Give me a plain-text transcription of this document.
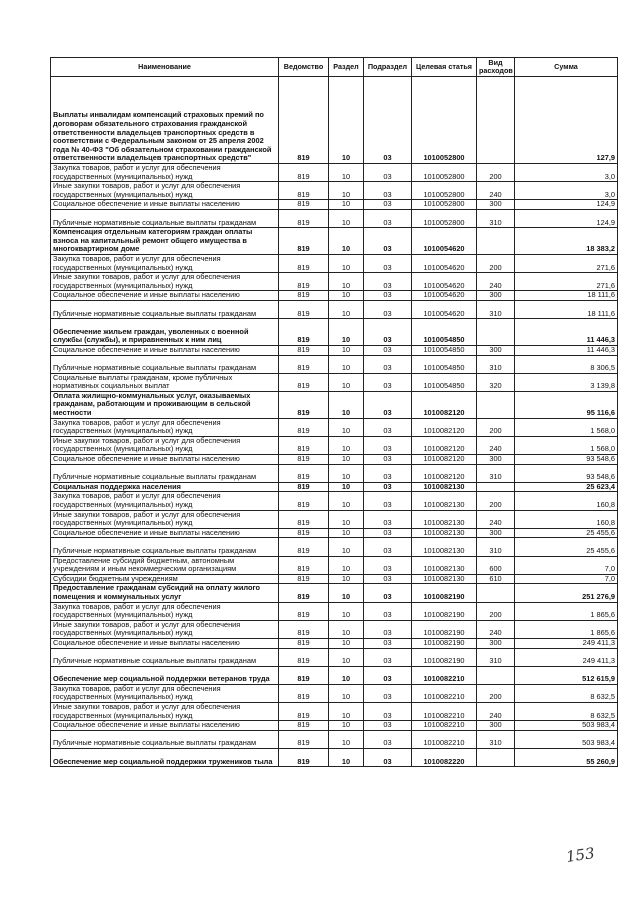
Наименование	Ведомство	Раздел	Подраздел	Целевая статья	Вид расходов	Сумма
Выплаты инвалидам компенсаций страховых премий по договорам обязательного страхования гражданской ответственности владельцев транспортных средств в соответствии с Федеральным законом от 25 апреля 2002 года № 40-ФЗ "Об обязательном страховании гражданской ответственности владельцев транспортных средств"	819	10	03	1010052800		127,9
Закупка товаров, работ и услуг для обеспечения государственных (муниципальных) нужд	819	10	03	1010052800	200	3,0
Иные закупки товаров, работ и услуг для обеспечения государственных (муниципальных) нужд	819	10	03	1010052800	240	3,0
Социальное обеспечение и иные выплаты населению	819	10	03	1010052800	300	124,9
Публичные нормативные социальные выплаты гражданам	819	10	03	1010052800	310	124,9
Компенсация отдельным категориям граждан оплаты взноса на капитальный ремонт общего имущества в многоквартирном доме	819	10	03	1010054620		18 383,2
Закупка товаров, работ и услуг для обеспечения государственных (муниципальных) нужд	819	10	03	1010054620	200	271,6
Иные закупки товаров, работ и услуг для обеспечения государственных (муниципальных) нужд	819	10	03	1010054620	240	271,6
Социальное обеспечение и иные выплаты населению	819	10	03	1010054620	300	18 111,6
Публичные нормативные социальные выплаты гражданам	819	10	03	1010054620	310	18 111,6
Обеспечение жильем граждан, уволенных с военной службы (службы), и приравненных к ним лиц	819	10	03	1010054850		11 446,3
Социальное обеспечение и иные выплаты населению	819	10	03	1010054850	300	11 446,3
Публичные нормативные социальные выплаты гражданам	819	10	03	1010054850	310	8 306,5
Социальные выплаты гражданам, кроме публичных нормативных социальных выплат	819	10	03	1010054850	320	3 139,8
Оплата жилищно-коммунальных услуг, оказываемых гражданам, работающим и проживающим в сельской местности	819	10	03	1010082120		95 116,6
Закупка товаров, работ и услуг для обеспечения государственных (муниципальных) нужд	819	10	03	1010082120	200	1 568,0
Иные закупки товаров, работ и услуг для обеспечения государственных (муниципальных) нужд	819	10	03	1010082120	240	1 568,0
Социальное обеспечение и иные выплаты населению	819	10	03	1010082120	300	93 548,6
Публичные нормативные социальные выплаты гражданам	819	10	03	1010082120	310	93 548,6
Социальная поддержка населения	819	10	03	1010082130		25 623,4
Закупка товаров, работ и услуг для обеспечения государственных (муниципальных) нужд	819	10	03	1010082130	200	160,8
Иные закупки товаров, работ и услуг для обеспечения государственных (муниципальных) нужд	819	10	03	1010082130	240	160,8
Социальное обеспечение и иные выплаты населению	819	10	03	1010082130	300	25 455,6
Публичные нормативные социальные выплаты гражданам	819	10	03	1010082130	310	25 455,6
Предоставление субсидий бюджетным, автономным учреждениям и иным некоммерческим организациям	819	10	03	1010082130	600	7,0
Субсидии бюджетным учреждениям	819	10	03	1010082130	610	7,0
Предоставление гражданам субсидий на оплату жилого помещения и коммунальных услуг	819	10	03	1010082190		251 276,9
Закупка товаров, работ и услуг для обеспечения государственных (муниципальных) нужд	819	10	03	1010082190	200	1 865,6
Иные закупки товаров, работ и услуг для обеспечения государственных (муниципальных) нужд	819	10	03	1010082190	240	1 865,6
Социальное обеспечение и иные выплаты населению	819	10	03	1010082190	300	249 411,3
Публичные нормативные социальные выплаты гражданам	819	10	03	1010082190	310	249 411,3
Обеспечение мер социальной поддержки ветеранов труда	819	10	03	1010082210		512 615,9
Закупка товаров, работ и услуг для обеспечения государственных (муниципальных) нужд	819	10	03	1010082210	200	8 632,5
Иные закупки товаров, работ и услуг для обеспечения государственных (муниципальных) нужд	819	10	03	1010082210	240	8 632,5
Социальное обеспечение и иные выплаты населению	819	10	03	1010082210	300	503 983,4
Публичные нормативные социальные выплаты гражданам	819	10	03	1010082210	310	503 983,4
Обеспечение мер социальной поддержки тружеников тыла	819	10	03	1010082220		55 260,9
153
